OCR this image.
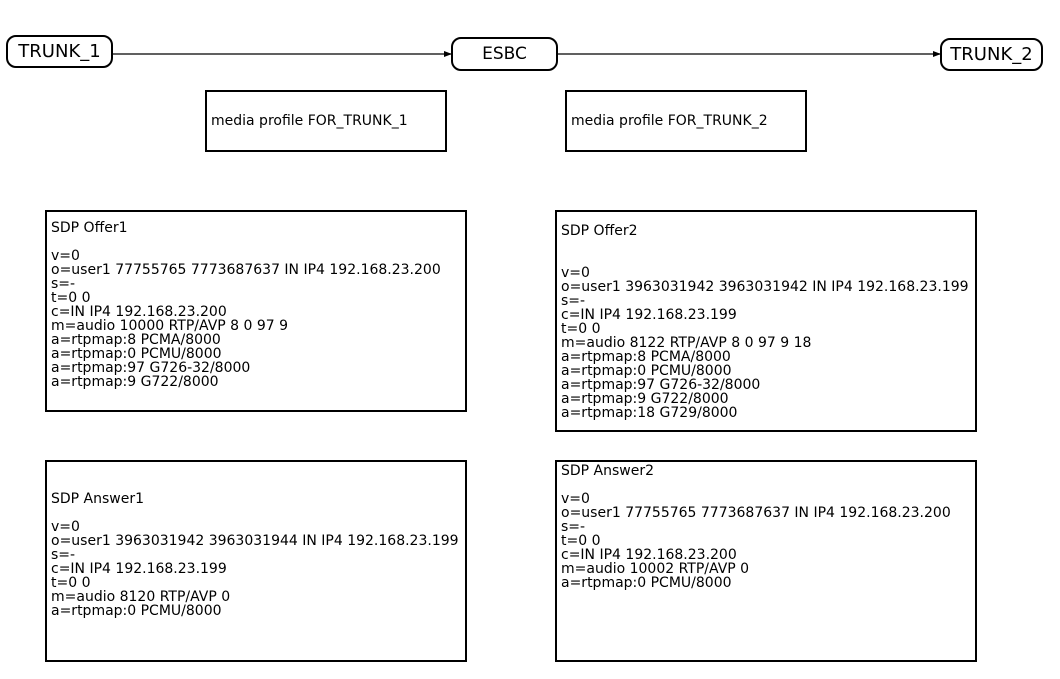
TRUNK_1	ESBC	TRUNK_2
media profile FOR_TRUNK_1	media profile FOR_TRUNK_2
SDP Offer1
v=0
o=user1 77755765 7773687637 IN IP4 192.168.23.200
s=-
t=0 0
c=IN IP4 192.168.23.200
m=audio 10000 RTP/AVP 8 0 97 9
a=rtpmap:8 PCMA/8000
a=rtpmap:0 PCMU/8000
a=rtpmap:97 G726-32/8000
a=rtpmap:9 G722/8000
SDP Offer2
v=0
o=user1 3963031942 3963031942 IN IP4 192.168.23.199
s=-
c=IN IP4 192.168.23.199
t=0 0
m=audio 8122 RTP/AVP 8 0 97 9 18
a=rtpmap:8 PCMA/8000
a=rtpmap:0 PCMU/8000
a=rtpmap:97 G726-32/8000
a=rtpmap:9 G722/8000
a=rtpmap:18 G729/8000
SDP Answer1
v=0
o=user1 3963031942 3963031944 IN IP4 192.168.23.199
s=-
c=IN IP4 192.168.23.199
t=0 0
m=audio 8120 RTP/AVP 0
a=rtpmap:0 PCMU/8000
SDP Answer2
v=0
o=user1 77755765 7773687637 IN IP4 192.168.23.200
s=-
t=0 0
c=IN IP4 192.168.23.200
m=audio 10002 RTP/AVP 0
a=rtpmap:0 PCMU/8000
